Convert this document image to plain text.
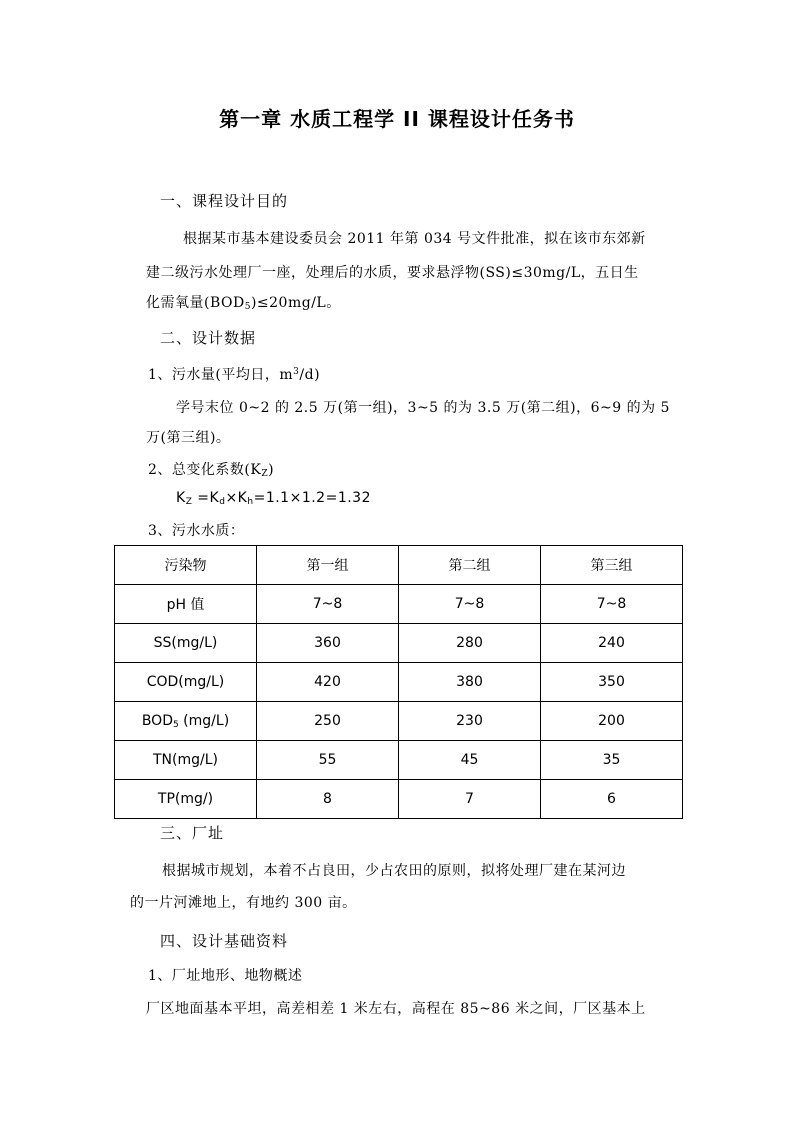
第一章 水质工程学 II 课程设计任务书
一、课程设计目的
根据某市基本建设委员会 2011 年第 034 号文件批准，拟在该市东郊新
建二级污水处理厂一座，处理后的水质，要求悬浮物(SS)≤30mg/L，五日生
化需氧量$(BOD_5)\le 20mg/L$。
二、设计数据
1、污水量(平均日，$m^3/d$)
学号末位 0~2 的 2.5 万(第一组)，3~5 的为 3.5 万(第二组)，6~9 的为 5
万(第三组)。
2、总变化系数$(K_Z)$
$K_Z =K_d\times K_h=1.1\times 1.2=1.32$
3、污水水质：
污染物	第一组	第二组	第三组
pH 值	7~8	7~8	7~8
SS(mg/L)	360	280	240
COD(mg/L)	420	380	350
$BOD_5$ (mg/L)	250	230	200
TN(mg/L)	55	45	35
TP(mg/)	8	7	6
三、厂址
根据城市规划，本着不占良田，少占农田的原则，拟将处理厂建在某河边
的一片河滩地上，有地约 300 亩。
四、设计基础资料
1、厂址地形、地物概述
厂区地面基本平坦，高差相差 1 米左右，高程在 85~86 米之间，厂区基本上
